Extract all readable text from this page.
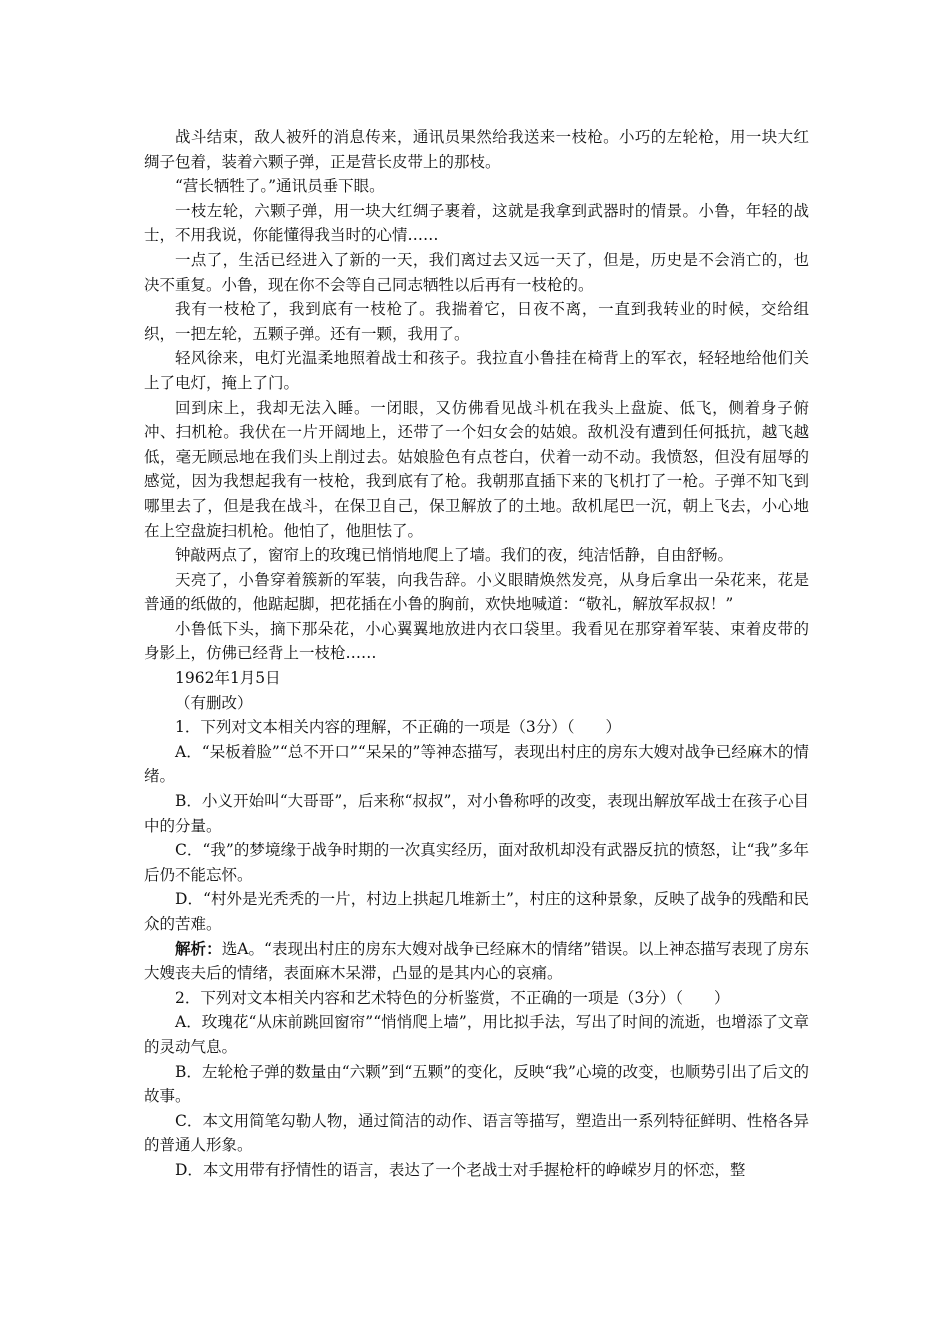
战斗结束，敌人被歼的消息传来，通讯员果然给我送来一枝枪。小巧的左轮枪，用一块大红绸子包着，装着六颗子弹，正是营长皮带上的那枝。

“营长牺牲了。”通讯员垂下眼。

一枝左轮，六颗子弹，用一块大红绸子裹着，这就是我拿到武器时的情景。小鲁，年轻的战士，不用我说，你能懂得我当时的心情……

一点了，生活已经进入了新的一天，我们离过去又远一天了，但是，历史是不会消亡的，也决不重复。小鲁，现在你不会等自己同志牺牲以后再有一枝枪的。

我有一枝枪了，我到底有一枝枪了。我揣着它，日夜不离，一直到我转业的时候，交给组织，一把左轮，五颗子弹。还有一颗，我用了。

轻风徐来，电灯光温柔地照着战士和孩子。我拉直小鲁挂在椅背上的军衣，轻轻地给他们关上了电灯，掩上了门。

回到床上，我却无法入睡。一闭眼，又仿佛看见战斗机在我头上盘旋、低飞，侧着身子俯冲、扫机枪。我伏在一片开阔地上，还带了一个妇女会的姑娘。敌机没有遭到任何抵抗，越飞越低，毫无顾忌地在我们头上削过去。姑娘脸色有点苍白，伏着一动不动。我愤怒，但没有屈辱的感觉，因为我想起我有一枝枪，我到底有了枪。我朝那直插下来的飞机打了一枪。子弹不知飞到哪里去了，但是我在战斗，在保卫自己，保卫解放了的土地。敌机尾巴一沉，朝上飞去，小心地在上空盘旋扫机枪。他怕了，他胆怯了。

钟敲两点了，窗帘上的玫瑰已悄悄地爬上了墙。我们的夜，纯洁恬静，自由舒畅。

天亮了，小鲁穿着簇新的军装，向我告辞。小义眼睛焕然发亮，从身后拿出一朵花来，花是普通的纸做的，他踮起脚，把花插在小鲁的胸前，欢快地喊道：“敬礼，解放军叔叔！”

小鲁低下头，摘下那朵花，小心翼翼地放进内衣口袋里。我看见在那穿着军装、束着皮带的身影上，仿佛已经背上一枝枪……

1962年1月5日

（有删改）

1．下列对文本相关内容的理解，不正确的一项是（3分）（　　）

A．“呆板着脸”“总不开口”“呆呆的”等神态描写，表现出村庄的房东大嫂对战争已经麻木的情绪。

B．小义开始叫“大哥哥”，后来称“叔叔”，对小鲁称呼的改变，表现出解放军战士在孩子心目中的分量。

C．“我”的梦境缘于战争时期的一次真实经历，面对敌机却没有武器反抗的愤怒，让“我”多年后仍不能忘怀。

D．“村外是光秃秃的一片，村边上拱起几堆新土”，村庄的这种景象，反映了战争的残酷和民众的苦难。

解析：选A。“表现出村庄的房东大嫂对战争已经麻木的情绪”错误。以上神态描写表现了房东大嫂丧夫后的情绪，表面麻木呆滞，凸显的是其内心的哀痛。

2．下列对文本相关内容和艺术特色的分析鉴赏，不正确的一项是（3分）（　　）

A．玫瑰花“从床前跳回窗帘”“悄悄爬上墙”，用比拟手法，写出了时间的流逝，也增添了文章的灵动气息。

B．左轮枪子弹的数量由“六颗”到“五颗”的变化，反映“我”心境的改变，也顺势引出了后文的故事。

C．本文用简笔勾勒人物，通过简洁的动作、语言等描写，塑造出一系列特征鲜明、性格各异的普通人形象。

D．本文用带有抒情性的语言，表达了一个老战士对手握枪杆的峥嵘岁月的怀恋，整
